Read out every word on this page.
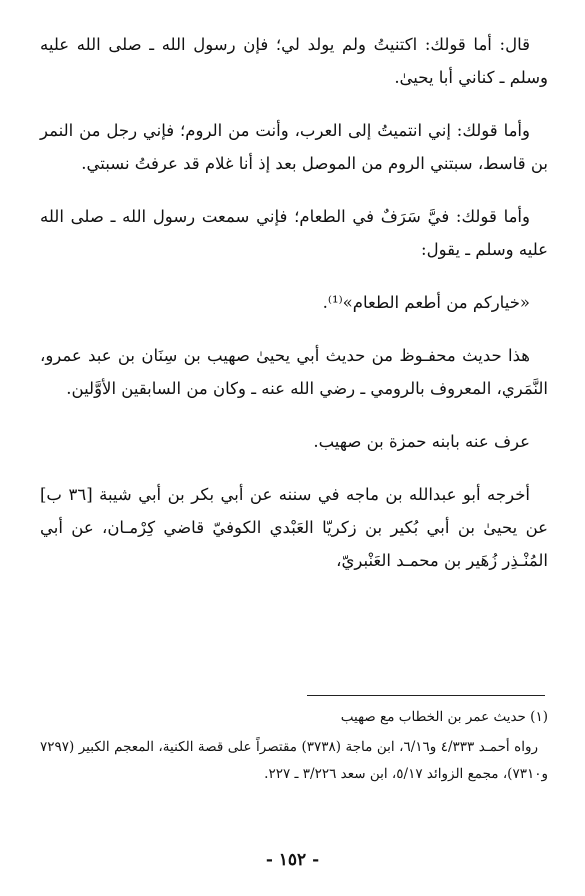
قال: أما قولك: اكتنيتُ ولم يولد لي؛ فإن رسول الله ـ صلى الله عليه وسلم ـ كناني أبا يحيىٰ.

وأما قولك: إني انتميتُ إلى العرب، وأنت من الروم؛ فإني رجل من النمر بن قاسط، سبتني الروم من الموصل بعد إذ أنا غلام قد عرفتُ نسبتي.

وأما قولك: فيَّ سَرَفٌ في الطعام؛ فإني سمعت رسول الله ـ صلى الله عليه وسلم ـ يقول:

«خياركم من أطعم الطعام»⁽¹⁾.

هذا حديث محفـوظ من حديث أبي يحيىٰ صهيب بن سِنَان بن عبد عمرو، النَّمَري، المعروف بالرومي ـ رضي الله عنه ـ وكان من السابقين الأوَّلين.

عرف عنه بابنه حمزة بن صهيب.

أخرجه أبو عبدالله بن ماجه في سننه عن أبي بكر بن أبي شيبة [٣٦ ب] عن يحيىٰ بن أبي بُكير بن زكريّا العَبْدي الكوفيّ قاضي كِرْمـان، عن أبي المُنْـذِر زُهَير بن محمـد العَنْبريّ،

(١) حديث عمر بن الخطاب مع صهيب

رواه أحمـد ٤/٣٣٣ و٦/١٦، ابن ماجة (٣٧٣٨) مقتصراً على قصة الكنية، المعجم الكبير (٧٢٩٧ و٧٣١٠)، مجمع الزوائد ٥/١٧، ابن سعد ٣/٢٢٦ ـ ٢٢٧.

- ١٥٢ -
